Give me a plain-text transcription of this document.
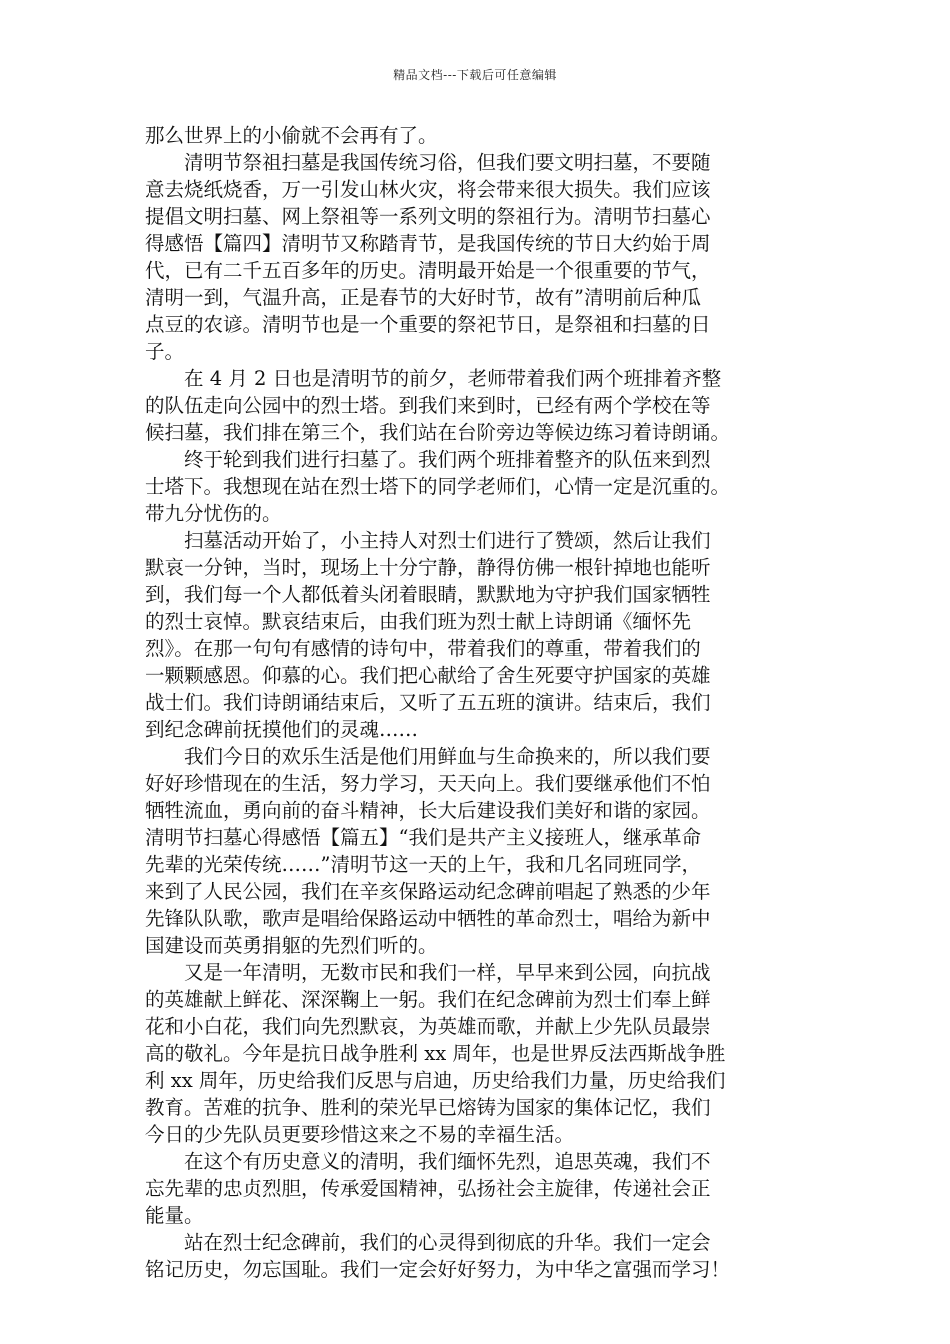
精品文档---下载后可任意编辑
那么世界上的小偷就不会再有了。
　　清明节祭祖扫墓是我国传统习俗，但我们要文明扫墓，不要随
意去烧纸烧香，万一引发山林火灾，将会带来很大损失。我们应该
提倡文明扫墓、网上祭祖等一系列文明的祭祖行为。清明节扫墓心
得感悟【篇四】清明节又称踏青节，是我国传统的节日大约始于周
代，已有二千五百多年的历史。清明最开始是一个很重要的节气，
清明一到，气温升高，正是春节的大好时节，故有”清明前后种瓜
点豆的农谚。清明节也是一个重要的祭祀节日，是祭祖和扫墓的日
子。
　　在 4 月 2 日也是清明节的前夕，老师带着我们两个班排着齐整
的队伍走向公园中的烈士塔。到我们来到时，已经有两个学校在等
候扫墓，我们排在第三个，我们站在台阶旁边等候边练习着诗朗诵。
　　终于轮到我们进行扫墓了。我们两个班排着整齐的队伍来到烈
士塔下。我想现在站在烈士塔下的同学老师们，心情一定是沉重的。
带九分忧伤的。
　　扫墓活动开始了，小主持人对烈士们进行了赞颂，然后让我们
默哀一分钟，当时，现场上十分宁静，静得仿佛一根针掉地也能听
到，我们每一个人都低着头闭着眼睛，默默地为守护我们国家牺牲
的烈士哀悼。默哀结束后，由我们班为烈士献上诗朗诵《缅怀先
烈》。在那一句句有感情的诗句中，带着我们的尊重，带着我们的
一颗颗感恩。仰慕的心。我们把心献给了舍生死要守护国家的英雄
战士们。我们诗朗诵结束后，又听了五五班的演讲。结束后，我们
到纪念碑前抚摸他们的灵魂……
　　我们今日的欢乐生活是他们用鲜血与生命换来的，所以我们要
好好珍惜现在的生活，努力学习，天天向上。我们要继承他们不怕
牺牲流血，勇向前的奋斗精神，长大后建设我们美好和谐的家园。
清明节扫墓心得感悟【篇五】“我们是共产主义接班人，继承革命
先辈的光荣传统……”清明节这一天的上午，我和几名同班同学，
来到了人民公园，我们在辛亥保路运动纪念碑前唱起了熟悉的少年
先锋队队歌，歌声是唱给保路运动中牺牲的革命烈士，唱给为新中
国建设而英勇捐躯的先烈们听的。
　　又是一年清明，无数市民和我们一样，早早来到公园，向抗战
的英雄献上鲜花、深深鞠上一躬。我们在纪念碑前为烈士们奉上鲜
花和小白花，我们向先烈默哀，为英雄而歌，并献上少先队员最崇
高的敬礼。今年是抗日战争胜利 xx 周年，也是世界反法西斯战争胜
利 xx 周年，历史给我们反思与启迪，历史给我们力量，历史给我们
教育。苦难的抗争、胜利的荣光早已熔铸为国家的集体记忆，我们
今日的少先队员更要珍惜这来之不易的幸福生活。
　　在这个有历史意义的清明，我们缅怀先烈，追思英魂，我们不
忘先辈的忠贞烈胆，传承爱国精神，弘扬社会主旋律，传递社会正
能量。
　　站在烈士纪念碑前，我们的心灵得到彻底的升华。我们一定会
铭记历史，勿忘国耻。我们一定会好好努力，为中华之富强而学习！
